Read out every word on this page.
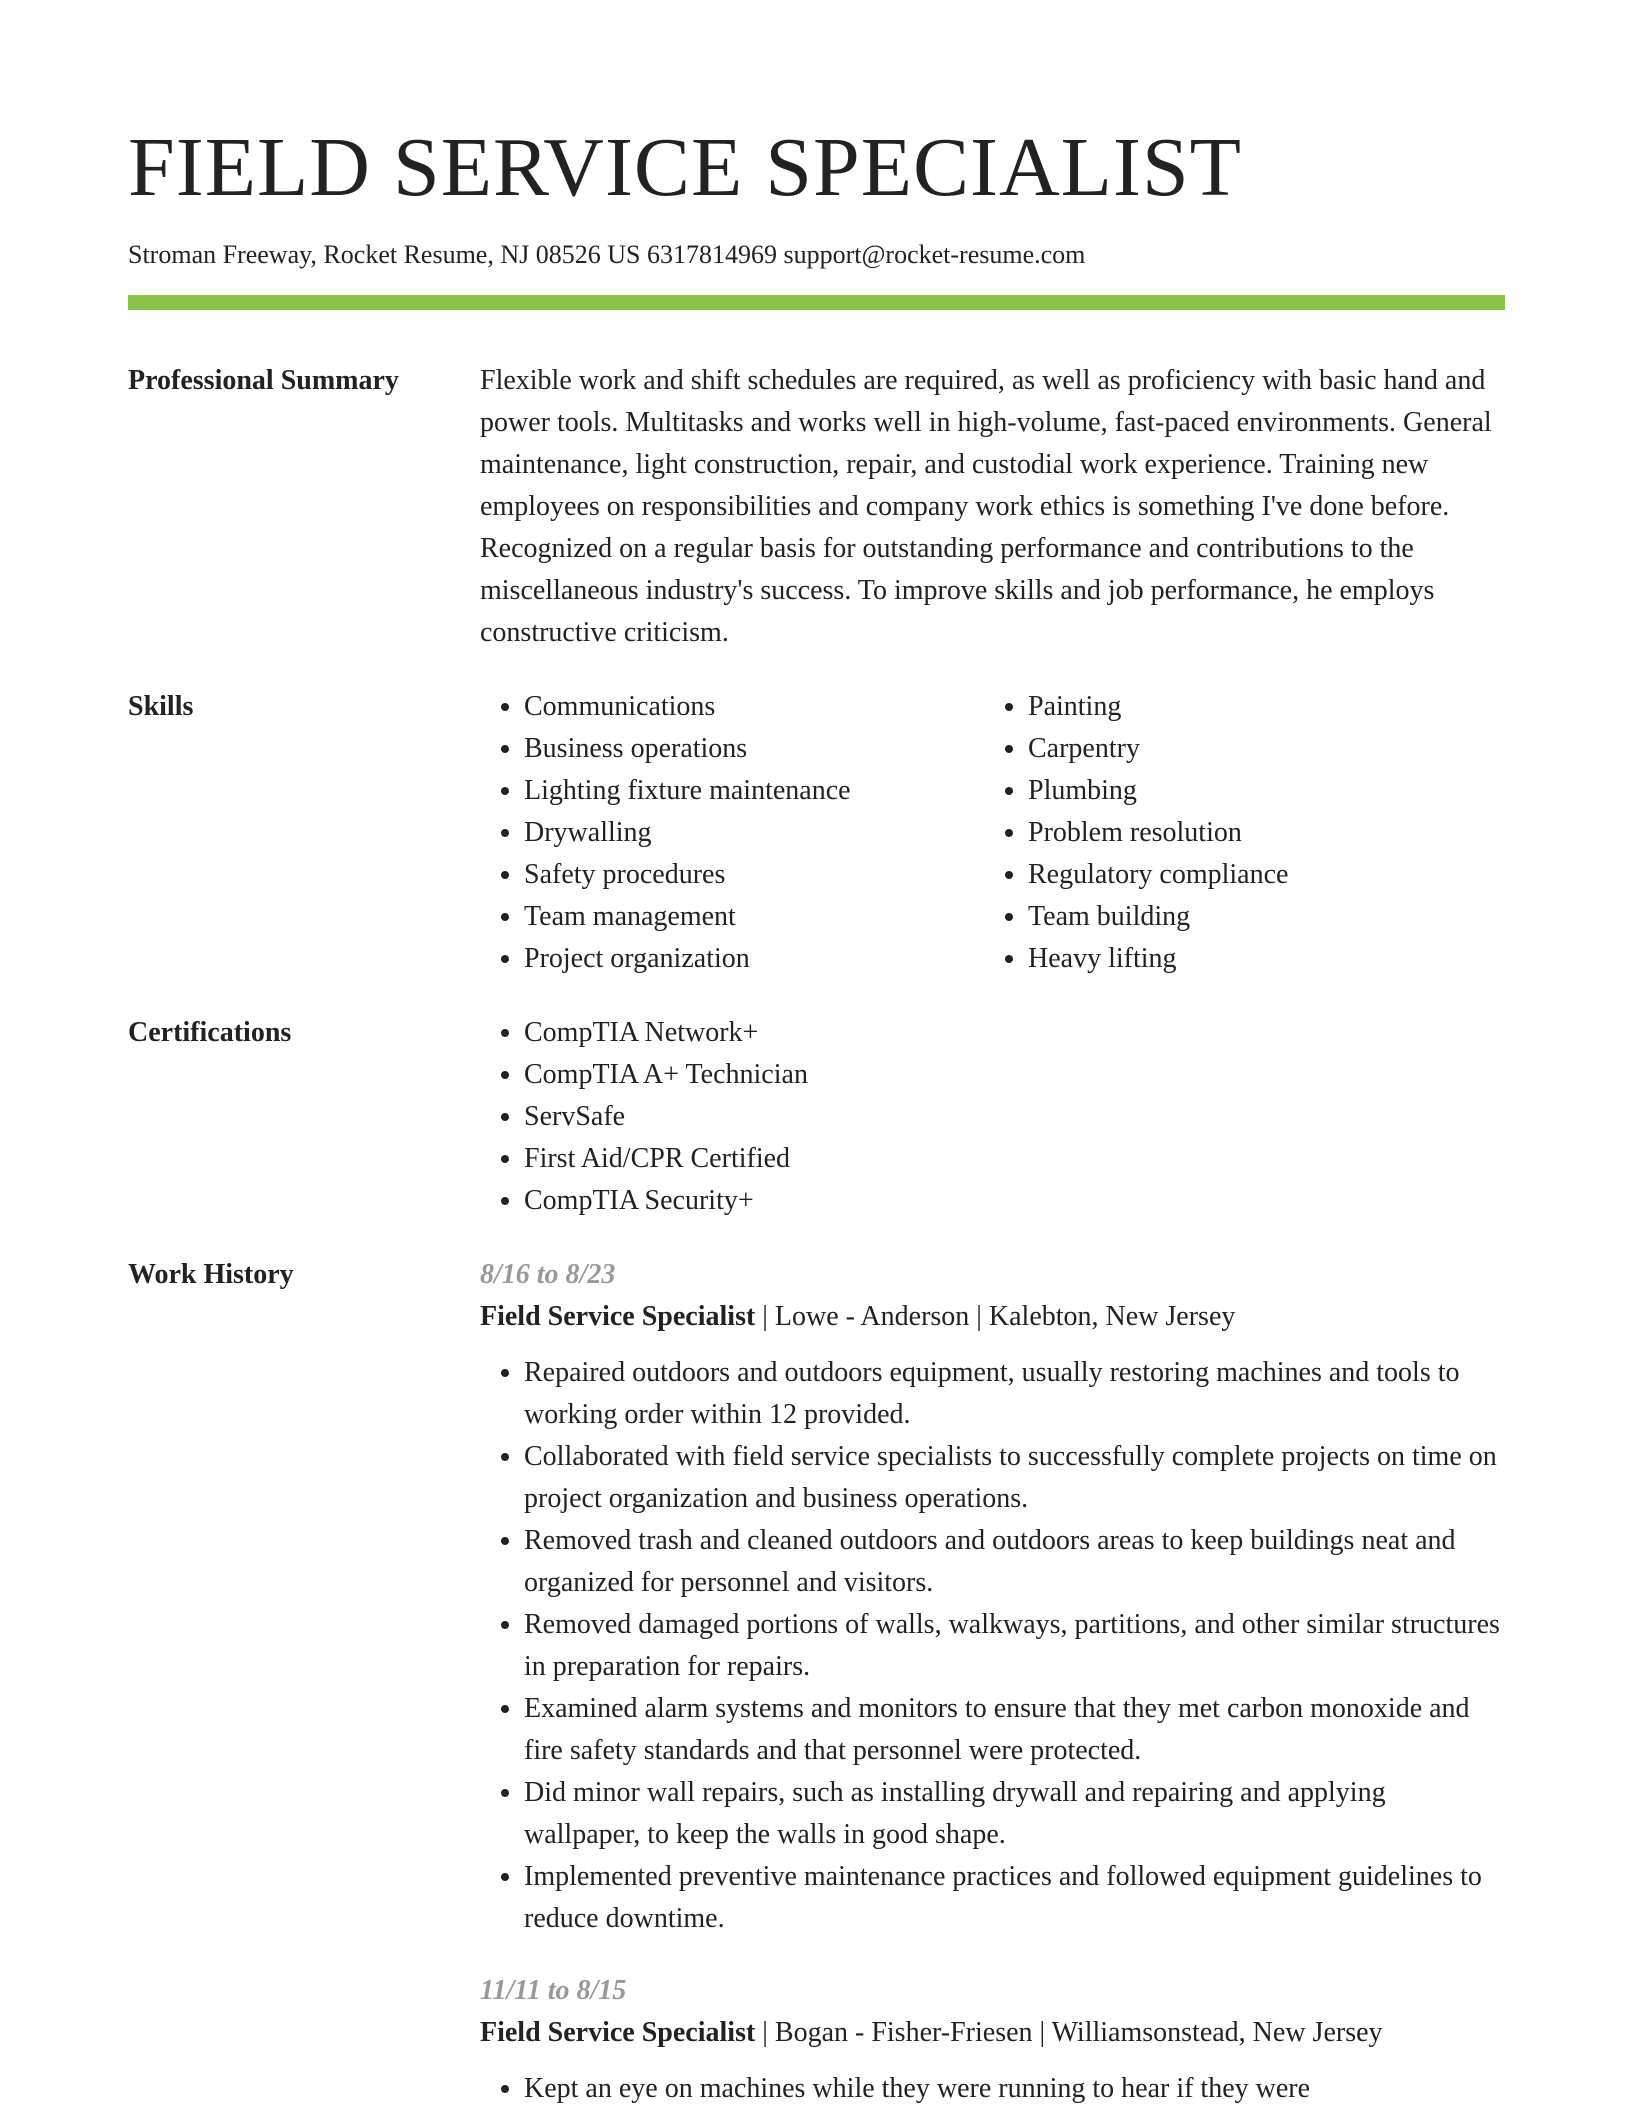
FIELD SERVICE SPECIALIST
Stroman Freeway, Rocket Resume, NJ 08526 US 6317814969 support@rocket-resume.com
Professional Summary	Flexible work and shift schedules are required, as well as proficiency with basic hand and power tools. Multitasks and works well in high-volume, fast-paced environments. General maintenance, light construction, repair, and custodial work experience. Training new employees on responsibilities and company work ethics is something I've done before. Recognized on a regular basis for outstanding performance and contributions to the miscellaneous industry's success. To improve skills and job performance, he employs constructive criticism.
Skills	• Communications
• Business operations
• Lighting fixture maintenance
• Drywalling
• Safety procedures
• Team management
• Project organization
• Painting
• Carpentry
• Plumbing
• Problem resolution
• Regulatory compliance
• Team building
• Heavy lifting
Certifications	• CompTIA Network+
• CompTIA A+ Technician
• ServSafe
• First Aid/CPR Certified
• CompTIA Security+
Work History	8/16 to 8/23
Field Service Specialist | Lowe - Anderson | Kalebton, New Jersey
• Repaired outdoors and outdoors equipment, usually restoring machines and tools to working order within 12 provided.
• Collaborated with field service specialists to successfully complete projects on time on project organization and business operations.
• Removed trash and cleaned outdoors and outdoors areas to keep buildings neat and organized for personnel and visitors.
• Removed damaged portions of walls, walkways, partitions, and other similar structures in preparation for repairs.
• Examined alarm systems and monitors to ensure that they met carbon monoxide and fire safety standards and that personnel were protected.
• Did minor wall repairs, such as installing drywall and repairing and applying wallpaper, to keep the walls in good shape.
• Implemented preventive maintenance practices and followed equipment guidelines to reduce downtime.
11/11 to 8/15
Field Service Specialist | Bogan - Fisher-Friesen | Williamsonstead, New Jersey
• Kept an eye on machines while they were running to hear if they were
